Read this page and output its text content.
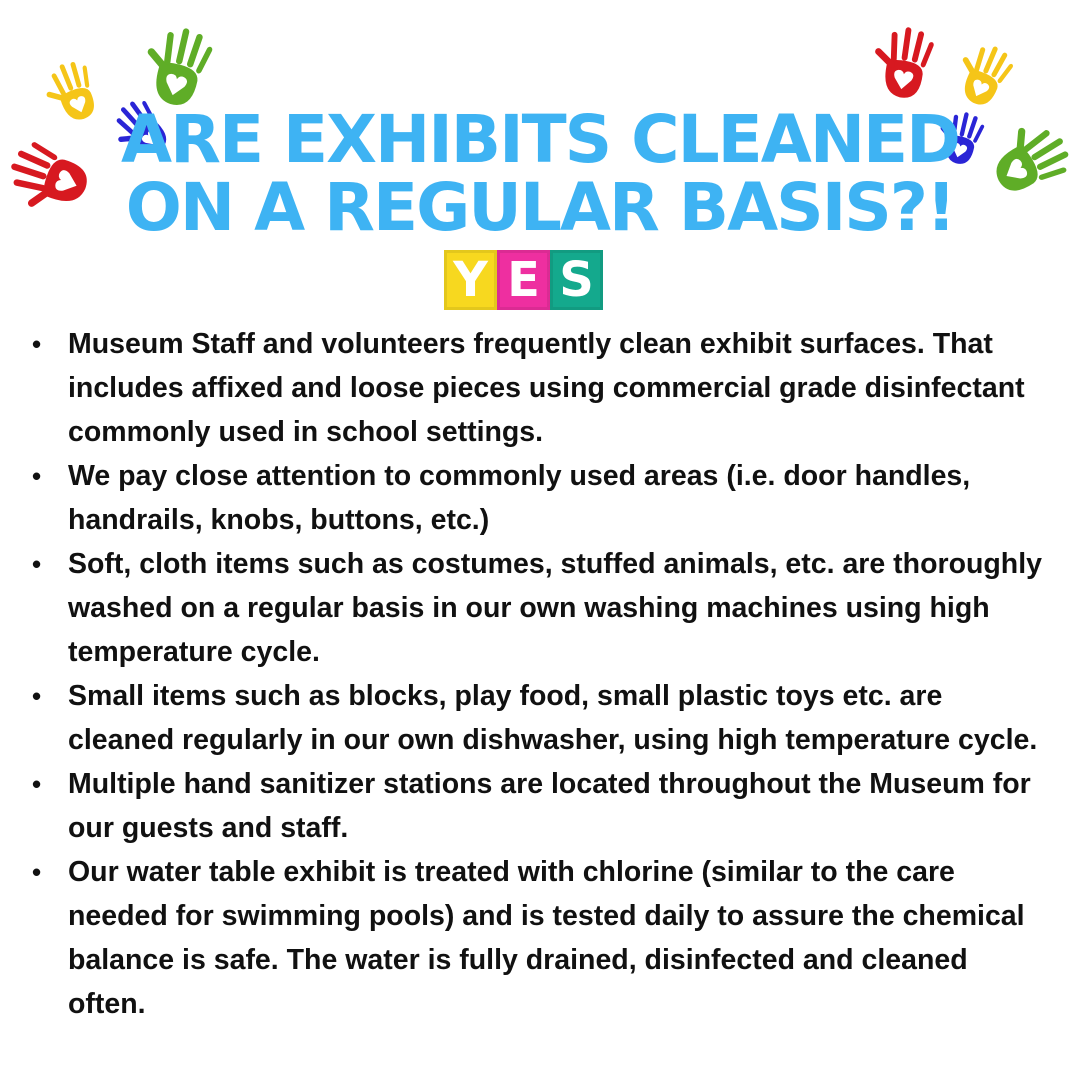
ARE EXHIBITS CLEANED
ON A REGULAR BASIS?!
Y E S
• Museum Staff and volunteers frequently clean exhibit surfaces. That includes affixed and loose pieces using commercial grade disinfectant commonly used in school settings.
• We pay close attention to commonly used areas (i.e. door handles, handrails, knobs, buttons, etc.)
• Soft, cloth items such as costumes, stuffed animals, etc. are thoroughly washed on a regular basis in our own washing machines using high temperature cycle.
• Small items such as blocks, play food, small plastic toys etc. are cleaned regularly in our own dishwasher, using high temperature cycle.
• Multiple hand sanitizer stations are located throughout the Museum for our guests and staff.
• Our water table exhibit is treated with chlorine (similar to the care needed for swimming pools) and is tested daily to assure the chemical balance is safe. The water is fully drained, disinfected and cleaned often.
